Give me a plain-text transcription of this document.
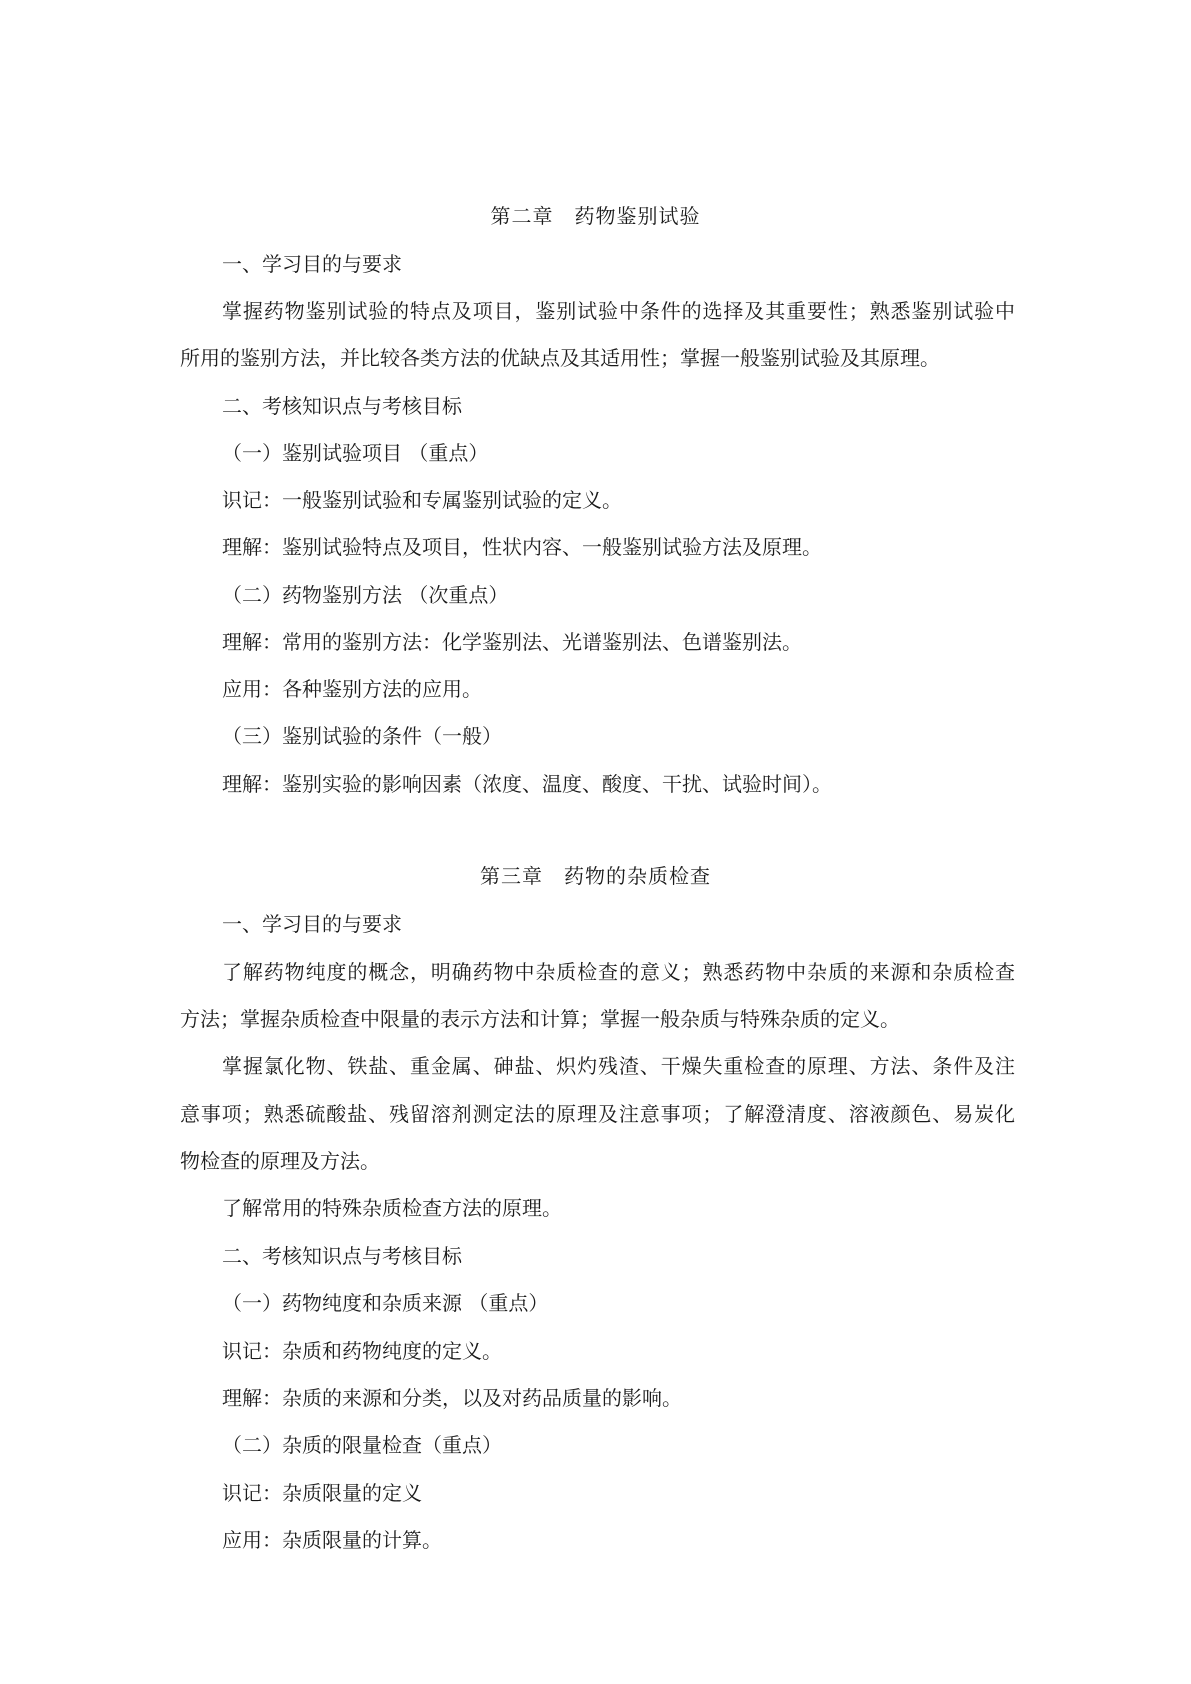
第二章　药物鉴别试验
一、学习目的与要求
掌握药物鉴别试验的特点及项目，鉴别试验中条件的选择及其重要性；熟悉鉴别试验中
所用的鉴别方法，并比较各类方法的优缺点及其适用性；掌握一般鉴别试验及其原理。
二、考核知识点与考核目标
（一）鉴别试验项目 （重点）
识记：一般鉴别试验和专属鉴别试验的定义。
理解：鉴别试验特点及项目，性状内容、一般鉴别试验方法及原理。
（二）药物鉴别方法 （次重点）
理解：常用的鉴别方法：化学鉴别法、光谱鉴别法、色谱鉴别法。
应用：各种鉴别方法的应用。
（三）鉴别试验的条件（一般）
理解：鉴别实验的影响因素（浓度、温度、酸度、干扰、试验时间）。
第三章　药物的杂质检查
一、学习目的与要求
了解药物纯度的概念，明确药物中杂质检查的意义；熟悉药物中杂质的来源和杂质检查
方法；掌握杂质检查中限量的表示方法和计算；掌握一般杂质与特殊杂质的定义。
掌握氯化物、铁盐、重金属、砷盐、炽灼残渣、干燥失重检查的原理、方法、条件及注
意事项；熟悉硫酸盐、残留溶剂测定法的原理及注意事项；了解澄清度、溶液颜色、易炭化
物检查的原理及方法。
了解常用的特殊杂质检查方法的原理。
二、考核知识点与考核目标
（一）药物纯度和杂质来源 （重点）
识记：杂质和药物纯度的定义。
理解：杂质的来源和分类，以及对药品质量的影响。
（二）杂质的限量检查（重点）
识记：杂质限量的定义
应用：杂质限量的计算。
